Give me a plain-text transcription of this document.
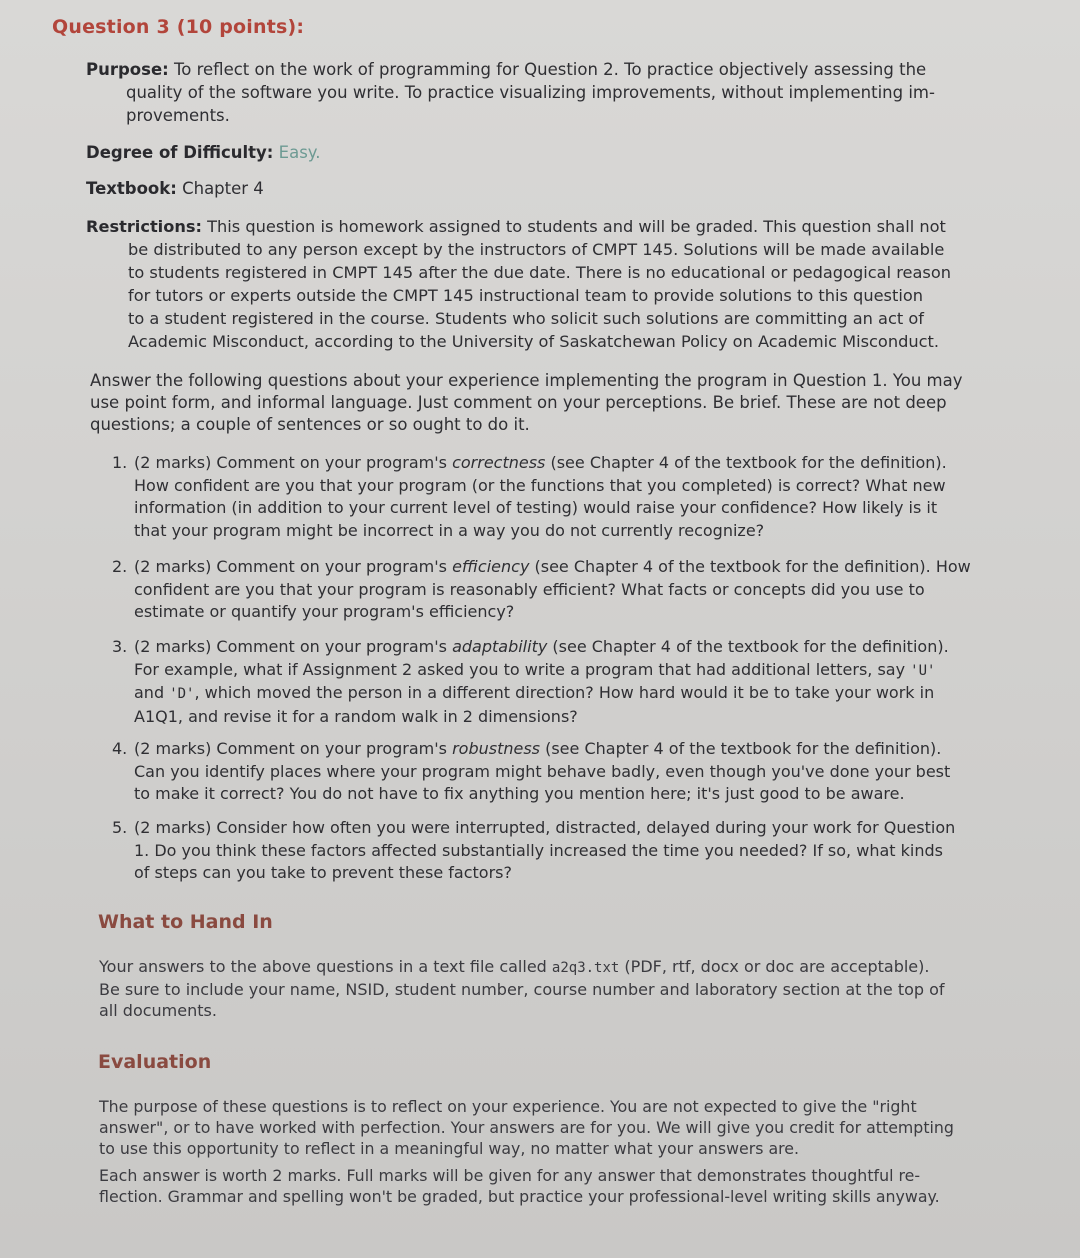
Question 3 (10 points):
Purpose: To reflect on the work of programming for Question 2. To practice objectively assessing the
quality of the software you write. To practice visualizing improvements, without implementing im-
provements.
Degree of Difficulty: Easy.
Textbook: Chapter 4
Restrictions: This question is homework assigned to students and will be graded. This question shall not
be distributed to any person except by the instructors of CMPT 145. Solutions will be made available
to students registered in CMPT 145 after the due date. There is no educational or pedagogical reason
for tutors or experts outside the CMPT 145 instructional team to provide solutions to this question
to a student registered in the course. Students who solicit such solutions are committing an act of
Academic Misconduct, according to the University of Saskatchewan Policy on Academic Misconduct.
Answer the following questions about your experience implementing the program in Question 1. You may
use point form, and informal language. Just comment on your perceptions. Be brief. These are not deep
questions; a couple of sentences or so ought to do it.
1. (2 marks) Comment on your program's correctness (see Chapter 4 of the textbook for the definition).
How confident are you that your program (or the functions that you completed) is correct? What new
information (in addition to your current level of testing) would raise your confidence? How likely is it
that your program might be incorrect in a way you do not currently recognize?
2. (2 marks) Comment on your program's efficiency (see Chapter 4 of the textbook for the definition). How
confident are you that your program is reasonably efficient? What facts or concepts did you use to
estimate or quantify your program's efficiency?
3. (2 marks) Comment on your program's adaptability (see Chapter 4 of the textbook for the definition).
For example, what if Assignment 2 asked you to write a program that had additional letters, say 'U'
and 'D', which moved the person in a different direction? How hard would it be to take your work in
A1Q1, and revise it for a random walk in 2 dimensions?
4. (2 marks) Comment on your program's robustness (see Chapter 4 of the textbook for the definition).
Can you identify places where your program might behave badly, even though you've done your best
to make it correct? You do not have to fix anything you mention here; it's just good to be aware.
5. (2 marks) Consider how often you were interrupted, distracted, delayed during your work for Question
1. Do you think these factors affected substantially increased the time you needed? If so, what kinds
of steps can you take to prevent these factors?
What to Hand In
Your answers to the above questions in a text file called a2q3.txt (PDF, rtf, docx or doc are acceptable).
Be sure to include your name, NSID, student number, course number and laboratory section at the top of
all documents.
Evaluation
The purpose of these questions is to reflect on your experience. You are not expected to give the "right
answer", or to have worked with perfection. Your answers are for you. We will give you credit for attempting
to use this opportunity to reflect in a meaningful way, no matter what your answers are.
Each answer is worth 2 marks. Full marks will be given for any answer that demonstrates thoughtful re-
flection. Grammar and spelling won't be graded, but practice your professional-level writing skills anyway.
